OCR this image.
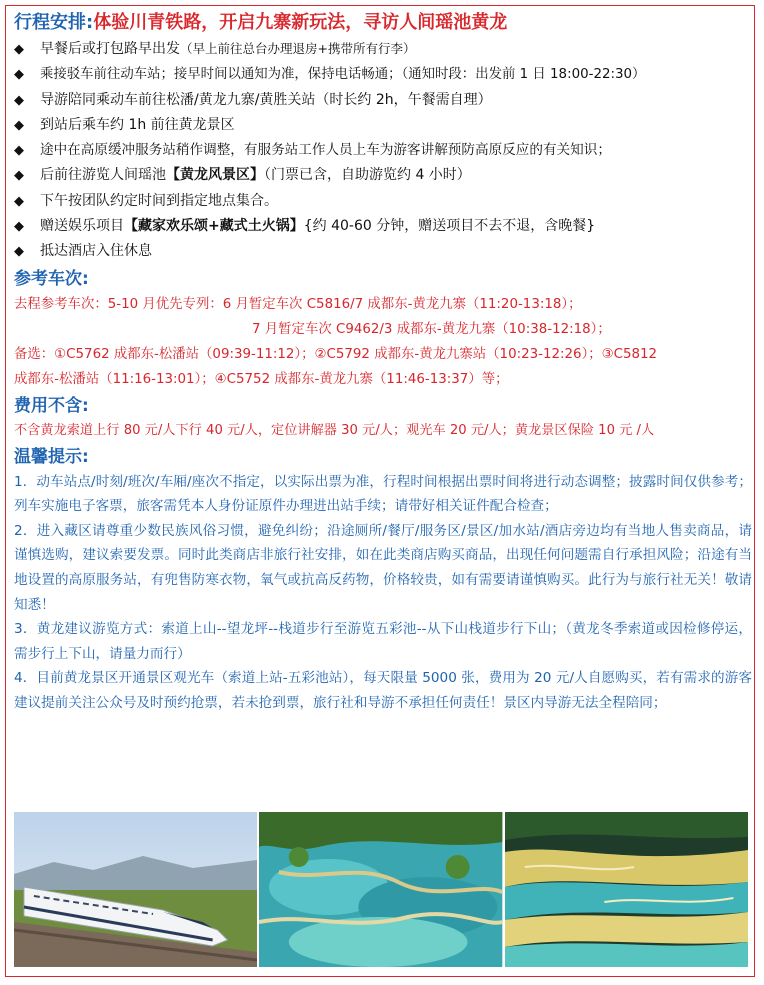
行程安排:体验川青铁路，开启九寨新玩法，寻访人间瑶池黄龙
◆ 早餐后或打包路早出发（早上前往总台办理退房+携带所有行李）
◆ 乘接驳车前往动车站；接早时间以通知为准，保持电话畅通；（通知时段：出发前 1 日 18:00-22:30）
◆ 导游陪同乘动车前往松潘/黄龙九寨/黄胜关站（时长约 2h，午餐需自理）
◆ 到站后乘车约 1h 前往黄龙景区
◆ 途中在高原缓冲服务站稍作调整，有服务站工作人员上车为游客讲解预防高原反应的有关知识；
◆ 后前往游览人间瑶池【黄龙风景区】（门票已含，自助游览约 4 小时）
◆ 下午按团队约定时间到指定地点集合。
◆ 赠送娱乐项目【藏家欢乐颂+藏式土火锅】{约 40-60 分钟，赠送项目不去不退，含晚餐}
◆ 抵达酒店入住休息
参考车次:
去程参考车次：5-10 月优先专列：6 月暂定车次 C5816/7 成都东-黄龙九寨（11:20-13:18）；
7 月暂定车次 C9462/3 成都东-黄龙九寨（10:38-12:18）；
备选：①C5762 成都东-松潘站（09:39-11:12）；②C5792 成都东-黄龙九寨站（10:23-12:26）；③C5812
成都东-松潘站（11:16-13:01）；④C5752 成都东-黄龙九寨（11:46-13:37）等；
费用不含:
不含黄龙索道上行 80 元/人下行 40 元/人，定位讲解器 30 元/人；观光车 20 元/人；黄龙景区保险 10 元 /人
温馨提示:
1．动车站点/时刻/班次/车厢/座次不指定，以实际出票为准，行程时间根据出票时间将进行动态调整；披露时间仅供参考；列车实施电子客票，旅客需凭本人身份证原件办理进出站手续；请带好相关证件配合检查；
2．进入藏区请尊重少数民族风俗习惯，避免纠纷；沿途厕所/餐厅/服务区/景区/加水站/酒店旁边均有当地人售卖商品，请谨慎选购，建议索要发票。同时此类商店非旅行社安排，如在此类商店购买商品，出现任何问题需自行承担风险；沿途有当地设置的高原服务站，有兜售防寒衣物，氧气或抗高反药物，价格较贵，如有需要请谨慎购买。此行为与旅行社无关！敬请知悉！
3．黄龙建议游览方式：索道上山--望龙坪--栈道步行至游览五彩池--从下山栈道步行下山；（黄龙冬季索道或因检修停运，需步行上下山，请量力而行）
4．目前黄龙景区开通景区观光车（索道上站-五彩池站），每天限量 5000 张，费用为 20 元/人自愿购买，若有需求的游客建议提前关注公众号及时预约抢票，若未抢到票，旅行社和导游不承担任何责任！景区内导游无法全程陪同；
